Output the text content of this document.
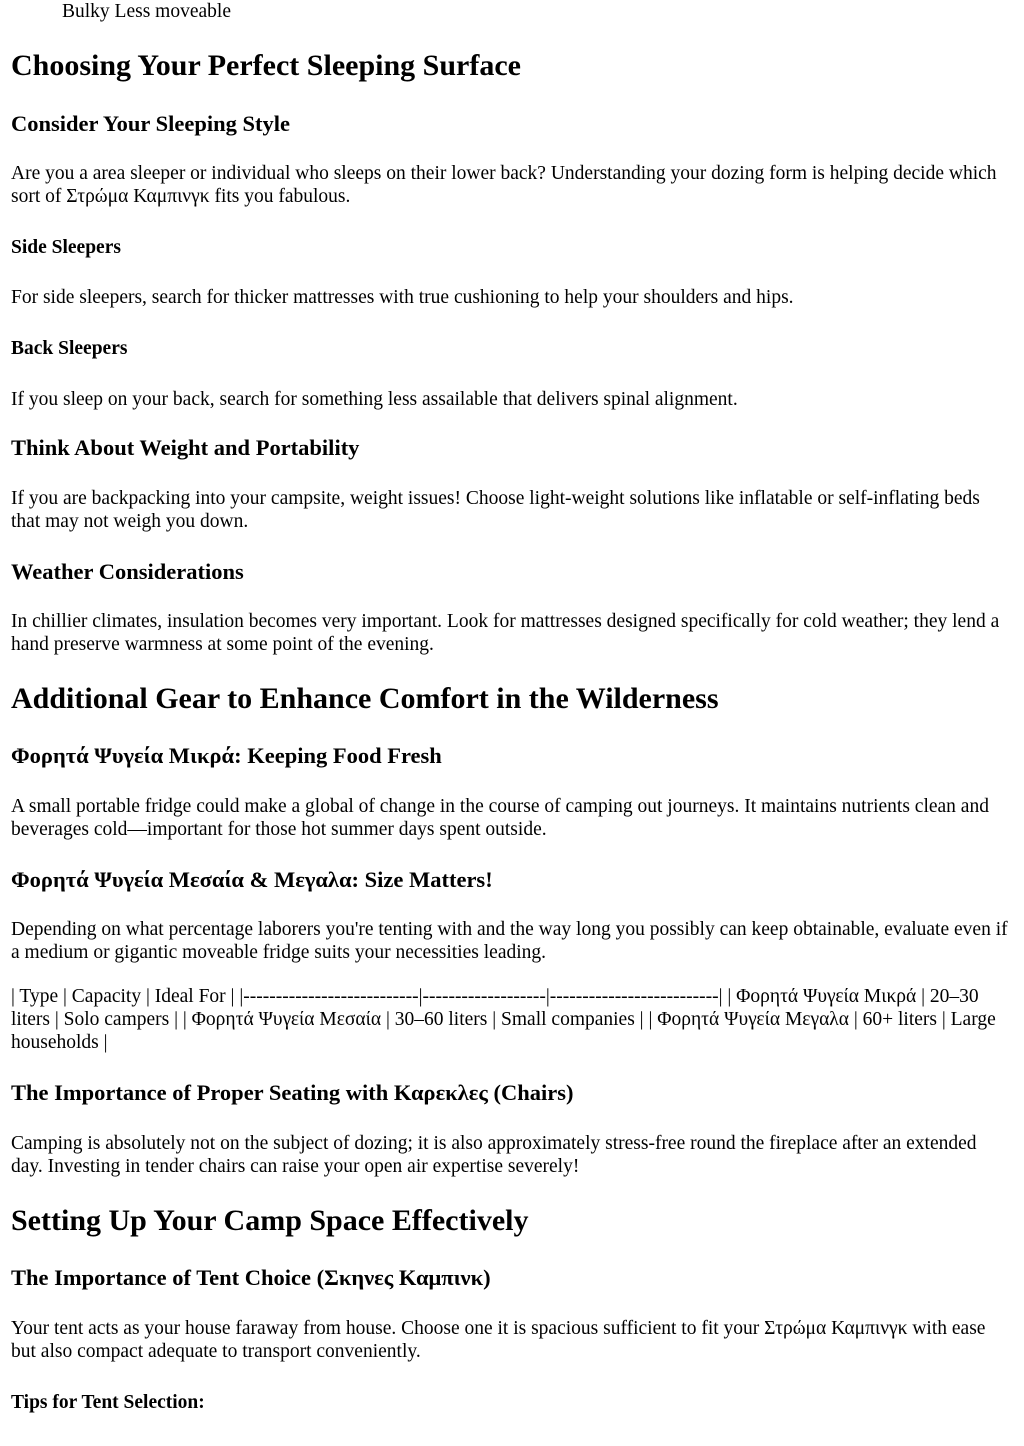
Bulky Less moveable
Choosing Your Perfect Sleeping Surface
Consider Your Sleeping Style

Are you a area sleeper or individual who sleeps on their lower back? Understanding your dozing form is helping decide which sort of Στρώμα Καμπινγκ fits you fabulous.

Side Sleepers

For side sleepers, search for thicker mattresses with true cushioning to help your shoulders and hips.

Back Sleepers

If you sleep on your back, search for something less assailable that delivers spinal alignment.

Think About Weight and Portability

If you are backpacking into your campsite, weight issues! Choose light-weight solutions like inflatable or self-inflating beds that may not weigh you down.

Weather Considerations

In chillier climates, insulation becomes very important. Look for mattresses designed specifically for cold weather; they lend a hand preserve warmness at some point of the evening.

Additional Gear to Enhance Comfort in the Wilderness
Φορητά Ψυγεία Μικρά: Keeping Food Fresh

A small portable fridge could make a global of change in the course of camping out journeys. It maintains nutrients clean and beverages cold—important for those hot summer days spent outside.

Φορητά Ψυγεία Μεσαία & Μεγαλα: Size Matters!

Depending on what percentage laborers you're tenting with and the way long you possibly can keep obtainable, evaluate even if a medium or gigantic moveable fridge suits your necessities leading.

| Type | Capacity | Ideal For | |---------------------------|-------------------|--------------------------| | Φορητά Ψυγεία Μικρά | 20–30 liters | Solo campers | | Φορητά Ψυγεία Μεσαία | 30–60 liters | Small companies | | Φορητά Ψυγεία Μεγαλα | 60+ liters | Large households |

The Importance of Proper Seating with Καρεκλες (Chairs)

Camping is absolutely not on the subject of dozing; it is also approximately stress-free round the fireplace after an extended day. Investing in tender chairs can raise your open air expertise severely!

Setting Up Your Camp Space Effectively
The Importance of Tent Choice (Σκηνες Καμπινκ)

Your tent acts as your house faraway from house. Choose one it is spacious sufficient to fit your Στρώμα Καμπινγκ with ease but also compact adequate to transport conveniently.

Tips for Tent Selection:
